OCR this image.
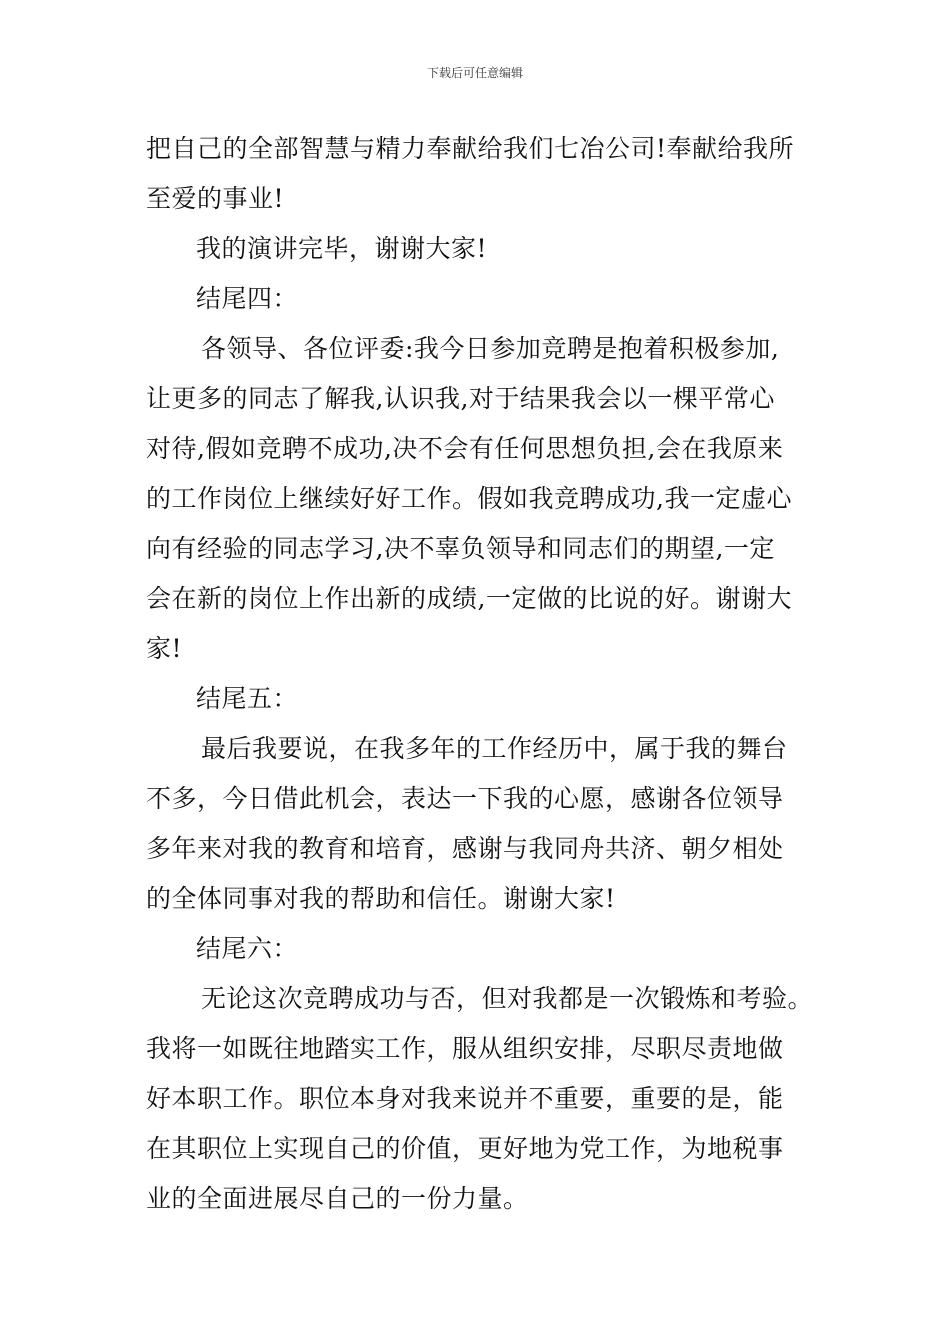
下载后可任意编辑
把自己的全部智慧与精力奉献给我们七冶公司!奉献给我所
至爱的事业!
我的演讲完毕，谢谢大家!
结尾四：
各领导、各位评委:我今日参加竞聘是抱着积极参加,
让更多的同志了解我,认识我,对于结果我会以一棵平常心
对待,假如竞聘不成功,决不会有任何思想负担,会在我原来
的工作岗位上继续好好工作。假如我竞聘成功,我一定虚心
向有经验的同志学习,决不辜负领导和同志们的期望,一定
会在新的岗位上作出新的成绩,一定做的比说的好。谢谢大
家!
结尾五：
最后我要说，在我多年的工作经历中，属于我的舞台
不多，今日借此机会，表达一下我的心愿，感谢各位领导
多年来对我的教育和培育，感谢与我同舟共济、朝夕相处
的全体同事对我的帮助和信任。谢谢大家!
结尾六：
无论这次竞聘成功与否，但对我都是一次锻炼和考验。
我将一如既往地踏实工作，服从组织安排，尽职尽责地做
好本职工作。职位本身对我来说并不重要，重要的是，能
在其职位上实现自己的价值，更好地为党工作，为地税事
业的全面进展尽自己的一份力量。
